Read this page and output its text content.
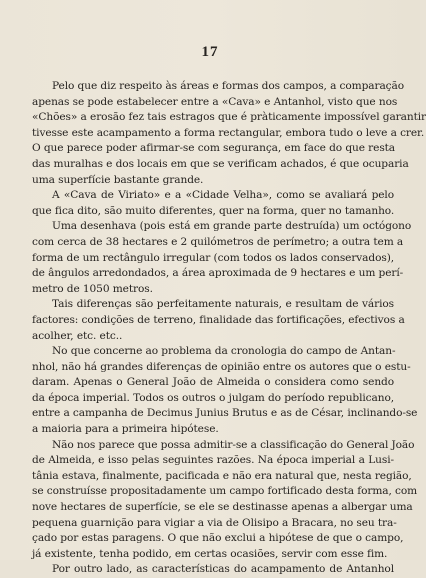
17
Pelo que diz respeito às áreas e formas dos campos, a comparação
apenas se pode estabelecer entre a «Cava» e Antanhol, visto que nos
«Chões» a erosão fez tais estragos que é pràticamente impossível garantir
tivesse este acampamento a forma rectangular, embora tudo o leve a crer.
O que parece poder afirmar-se com segurança, em face do que resta
das muralhas e dos locais em que se verificam achados, é que ocuparia
uma superfície bastante grande.
A «Cava de Viriato» e a «Cidade Velha», como se avaliará pelo
que fica dito, são muito diferentes, quer na forma, quer no tamanho.
Uma desenhava (pois está em grande parte destruída) um octógono
com cerca de 38 hectares e 2 quilómetros de perímetro; a outra tem a
forma de um rectângulo irregular (com todos os lados conservados),
de ângulos arredondados, a área aproximada de 9 hectares e um perí-
metro de 1050 metros.
Tais diferenças são perfeitamente naturais, e resultam de vários
factores: condições de terreno, finalidade das fortificações, efectivos a
acolher, etc. etc..
No que concerne ao problema da cronologia do campo de Antan-
nhol, não há grandes diferenças de opinião entre os autores que o estu-
daram. Apenas o General João de Almeida o considera como sendo
da época imperial. Todos os outros o julgam do período republicano,
entre a campanha de Decimus Junius Brutus e as de César, inclinando-se
a maioria para a primeira hipótese.
Não nos parece que possa admitir-se a classificação do General João
de Almeida, e isso pelas seguintes razões. Na época imperial a Lusi-
tânia estava, finalmente, pacificada e não era natural que, nesta região,
se construísse propositadamente um campo fortificado desta forma, com
nove hectares de superfície, se ele se destinasse apenas a albergar uma
pequena guarnição para vigiar a via de Olisipo a Bracara, no seu tra-
çado por estas paragens. O que não exclui a hipótese de que o campo,
já existente, tenha podido, em certas ocasiões, servir com esse fim.
Por outro lado, as características do acampamento de Antanhol
